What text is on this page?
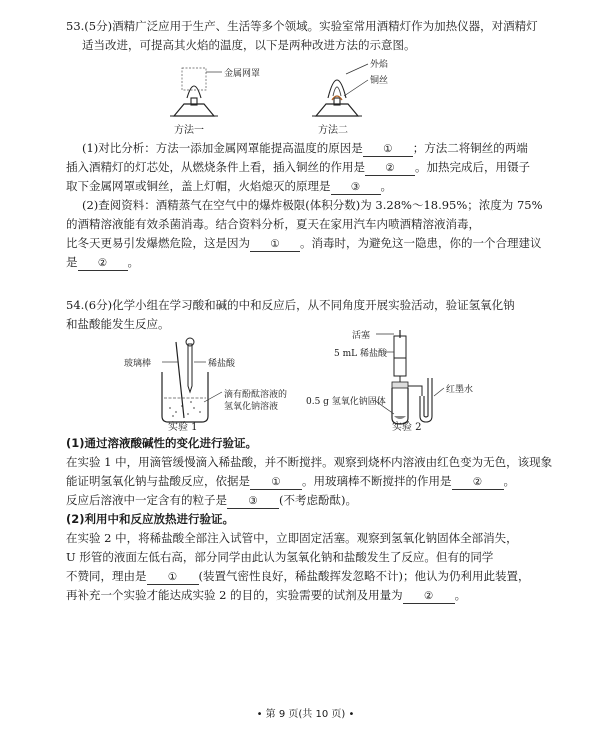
53.(5分)酒精广泛应用于生产、生活等多个领域。实验室常用酒精灯作为加热仪器，对酒精灯
适当改进，可提高其火焰的温度，以下是两种改进方法的示意图。
金属网罩
方法一
外焰
铜丝
方法二
(1)对比分析：方法一添加金属网罩能提高温度的原因是 ① ；方法二将铜丝的两端
插入酒精灯的灯芯处，从燃烧条件上看，插入铜丝的作用是 ② 。加热完成后，用镊子
取下金属网罩或铜丝，盖上灯帽，火焰熄灭的原理是 ③ 。
(2)查阅资料：酒精蒸气在空气中的爆炸极限(体积分数)为 3.28%～18.95%；浓度为 75%
的酒精溶液能有效杀菌消毒。结合资料分析，夏天在家用汽车内喷酒精溶液消毒，
比冬天更易引发爆燃危险，这是因为 ① 。消毒时，为避免这一隐患，你的一个合理建议
是 ② 。
54.(6分)化学小组在学习酸和碱的中和反应后，从不同角度开展实验活动，验证氢氧化钠
和盐酸能发生反应。
玻璃棒	稀盐酸
滴有酚酞溶液的
氢氧化钠溶液
实验 1
活塞
5 mL 稀盐酸
红墨水
0.5 g 氢氧化钠固体
实验 2
(1)通过溶液酸碱性的变化进行验证。
在实验 1 中，用滴管缓慢滴入稀盐酸，并不断搅拌。观察到烧杯内溶液由红色变为无色，该现象
能证明氢氧化钠与盐酸反应，依据是 ① 。用玻璃棒不断搅拌的作用是 ② 。
反应后溶液中一定含有的粒子是 ③ (不考虑酚酞)。
(2)利用中和反应放热进行验证。
在实验 2 中，将稀盐酸全部注入试管中，立即固定活塞。观察到氢氧化钠固体全部消失，
U 形管的液面左低右高，部分同学由此认为氢氧化钠和盐酸发生了反应。但有的同学
不赞同，理由是 ① (装置气密性良好，稀盐酸挥发忽略不计)；他认为仍利用此装置，
再补充一个实验才能达成实验 2 的目的，实验需要的试剂及用量为 ② 。
• 第 9 页(共 10 页) •
